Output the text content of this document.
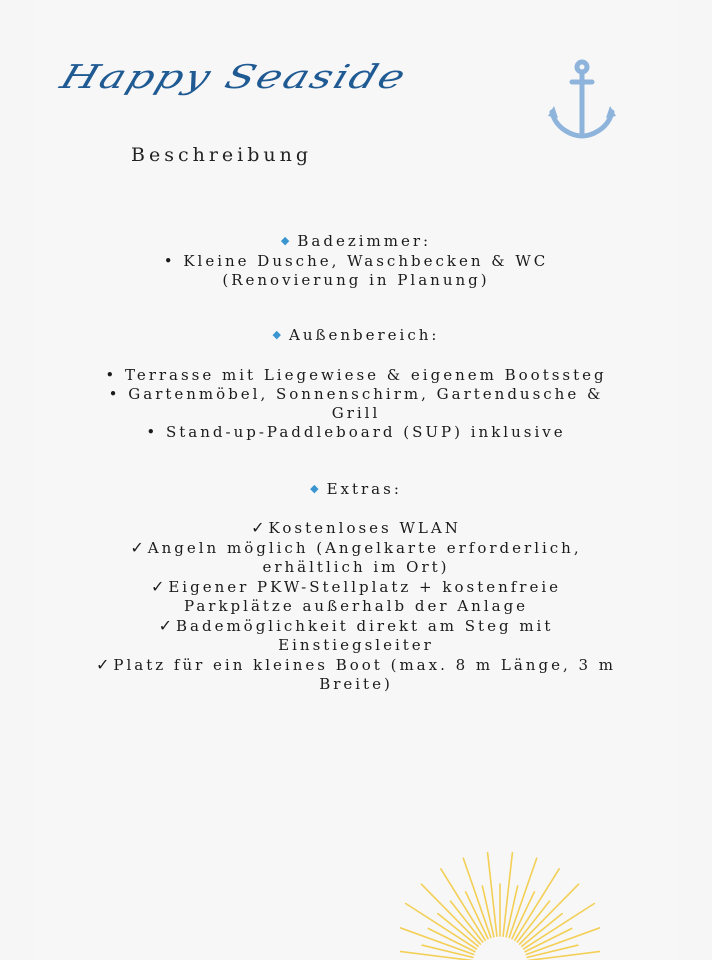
Happy Seaside
Beschreibung
◆ Badezimmer:
• Kleine Dusche, Waschbecken & WC
(Renovierung in Planung)
◆ Außenbereich:
• Terrasse mit Liegewiese & eigenem Bootssteg
• Gartenmöbel, Sonnenschirm, Gartendusche &
Grill
• Stand-up-Paddleboard (SUP) inklusive
◆ Extras:
✓ Kostenloses WLAN
✓ Angeln möglich (Angelkarte erforderlich,
erhältlich im Ort)
✓ Eigener PKW-Stellplatz + kostenfreie
Parkplätze außerhalb der Anlage
✓ Bademöglichkeit direkt am Steg mit
Einstiegsleiter
✓ Platz für ein kleines Boot (max. 8 m Länge, 3 m
Breite)
